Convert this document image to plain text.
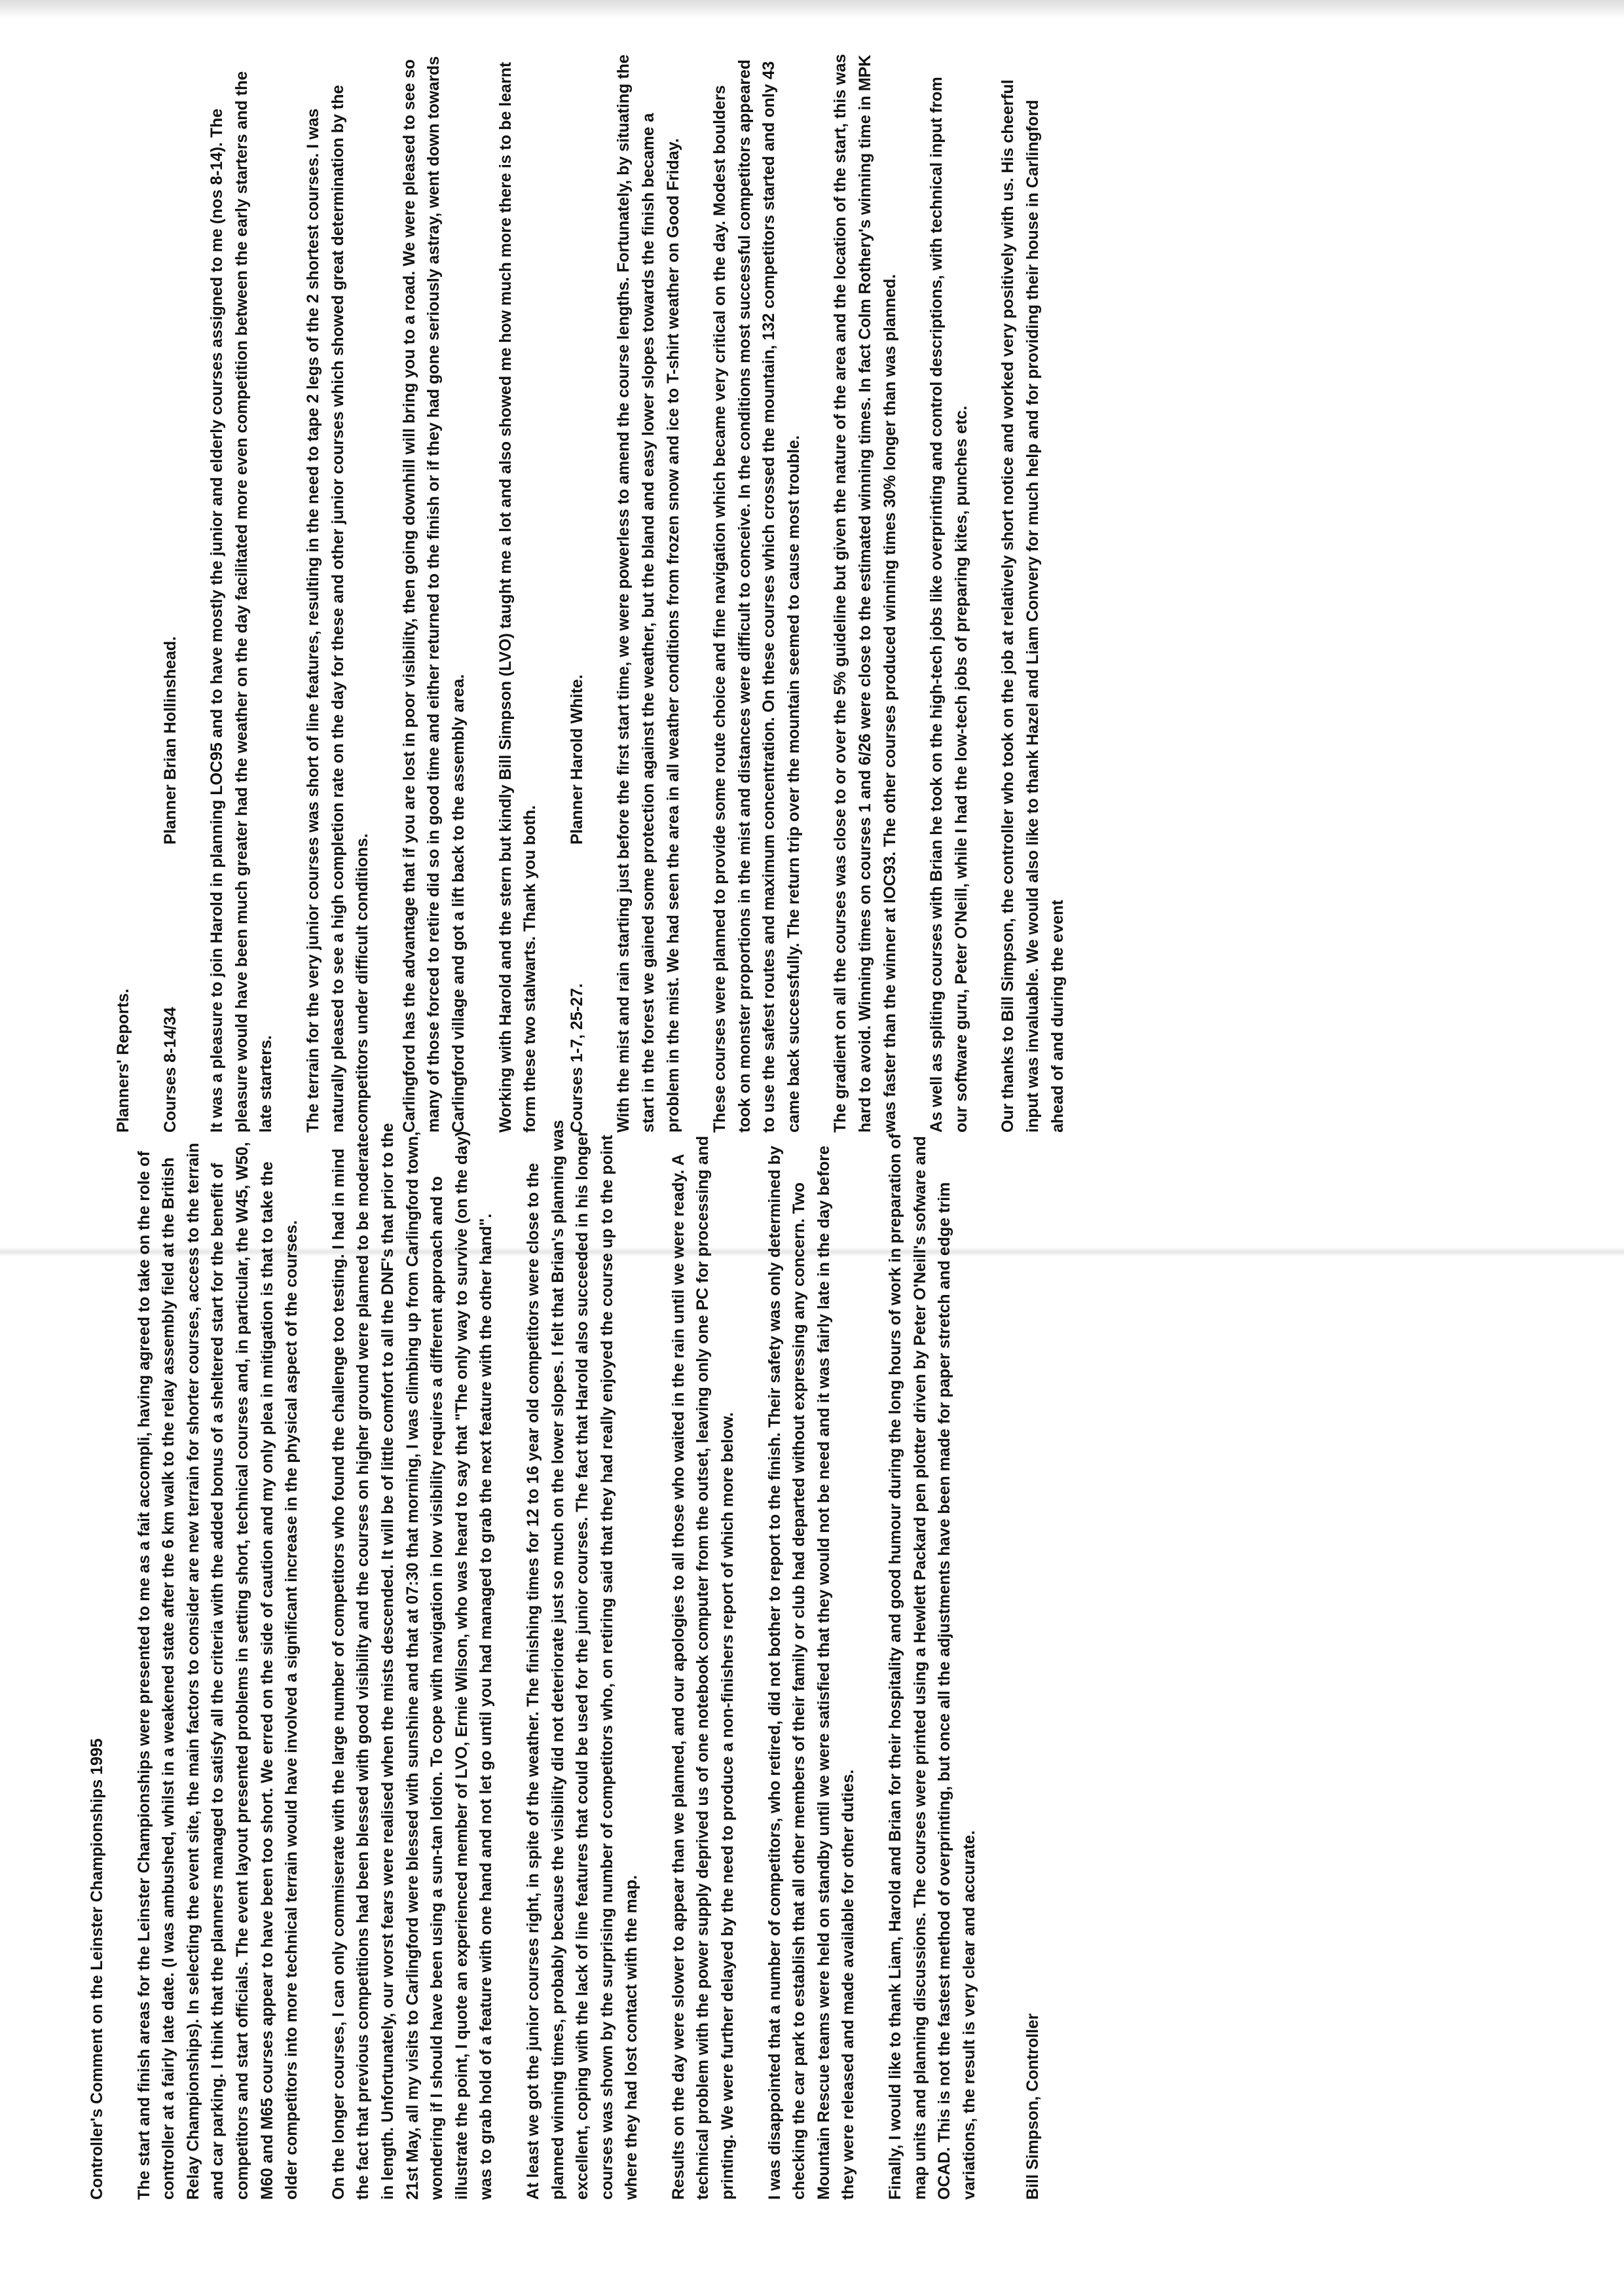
Controller's Comment on the Leinster Championships 1995 The start and finish areas for the Leinster Championships were presented to me as a fait accompli, having agreed to take on the role of controller at a fairly late date. (I was ambushed, whilst in a weakened state after the 6 km walk to the relay assembly field at the British Relay Championships). In selecting the event site, the main factors to consider are new terrain for shorter courses, access to the terrain and car parking. I think that the planners managed to satisfy all the criteria with the added bonus of a sheltered start for the benefit of competitors and start officials. The event layout presented problems in setting short, technical courses and, in particular, the W45, W50, M60 and M65 courses appear to have been too short. We erred on the side of caution and my only plea in mitigation is that to take the older competitors into more technical terrain would have involved a significant increase in the physical aspect of the courses. On the longer courses, I can only commiserate with the large number of competitors who found the challenge too testing. I had in mind the fact that previous competitions had been blessed with good visibility and the courses on higher ground were planned to be moderate in length. Unfortunately, our worst fears were realised when the mists descended. It will be of little comfort to all the DNF's that prior to the 21st May, all my visits to Carlingford were blessed with sunshine and that at 07:30 that morning, I was climbing up from Carlingford town, wondering if I should have been using a sun-tan lotion. To cope with navigation in low visibility requires a different approach and to illustrate the point, I quote an experienced member of LVO, Ernie Wilson, who was heard to say that "The only way to survive (on the day) was to grab hold of a feature with one hand and not let go until you had managed to grab the next feature with the other hand". At least we got the junior courses right, in spite of the weather. The finishing times for 12 to 16 year old competitors were close to the planned winning times, probably because the visibility did not deteriorate just so much on the lower slopes. I felt that Brian's planning was excellent, coping with the lack of line features that could be used for the junior courses. The fact that Harold also succeeded in his longer courses was shown by the surprising number of competitors who, on retiring said that they had really enjoyed the course up to the point where they had lost contact with the map. Results on the day were slower to appear than we planned, and our apologies to all those who waited in the rain until we were ready. A technical problem with the power supply deprived us of one notebook computer from the outset, leaving only one PC for processing and printing. We were further delayed by the need to produce a non-finishers report of which more below. I was disappointed that a number of competitors, who retired, did not bother to report to the finish. Their safety was only determined by checking the car park to establish that all other members of their family or club had departed without expressing any concern. Two Mountain Rescue teams were held on standby until we were satisfied that they would not be need and it was fairly late in the day before they were released and made available for other duties. Finally, I would like to thank Liam, Harold and Brian for their hospitality and good humour during the long hours of work in preparation of map units and planning discussions. The courses were printed using a Hewlett Packard pen plotter driven by Peter O'Neill's sofware and OCAD. This is not the fastest method of overprinting, but once all the adjustments have been made for paper stretch and edge trim variations, the result is very clear and accurate.	Bill Simpson, Controller
Planners' Reports. Courses 8-14/34
Planner Brian Hollinshead. It was a pleasure to join Harold in planning LOC95 and to have mostly the junior and elderly courses assigned to me (nos 8-14). The pleasure would have been much greater had the weather on the day facilitated more even competition between the early starters and the late starters. The terrain for the very junior courses was short of line features, resulting in the need to tape 2 legs of the 2 shortest courses. I was naturally pleased to see a high completion rate on the day for these and other junior courses which showed great determination by the competitors under difficult conditions. Carlingford has the advantage that if you are lost in poor visibility, then going downhill will bring you to a road. We were pleased to see so many of those forced to retire did so in good time and either returned to the finish or if they had gone seriously astray, went down towards Carlingford village and got a lift back to the assembly area. Working with Harold and the stern but kindly Bill Simpson (LVO) taught me a lot and also showed me how much more there is to be learnt form these two stalwarts. Thank you both. Courses 1-7, 25-27.
Planner Harold White. With the mist and rain starting just before the first start time, we were powerless to amend the course lengths. Fortunately, by situating the start in the forest we gained some protection against the weather, but the bland and easy lower slopes towards the finish became a problem in the mist. We had seen the area in all weather conditions from frozen snow and ice to T-shirt weather on Good Friday. These courses were planned to provide some route choice and fine navigation which became very critical on the day. Modest boulders took on monster proportions in the mist and distances were difficult to conceive. In the conditions most successful competitors appeared to use the safest routes and maximum concentration. On these courses which crossed the mountain, 132 competitors started and only 43 came back successfully. The return trip over the mountain seemed to cause most trouble. The gradient on all the courses was close to or over the 5% guideline but given the nature of the area and the location of the start, this was hard to avoid. Winning times on courses 1 and 6/26 were close to the estimated winning times. In fact Colm Rothery's winning time in MPK was faster than the winner at IOC93. The other courses produced winning times 30% longer than was planned. As well as spliting courses with Brian he took on the high-tech jobs like overprinting and control descriptions, with technical input from our software guru, Peter O'Neill, while I had the low-tech jobs of preparing kites, punches etc. Our thanks to Bill Simpson, the controller who took on the job at relatively short notice and worked very positively with us. His cheerful input was invaluable. We would also like to thank Hazel and Liam Convery for much help and for providing their house in Carlingford ahead of and during the event
